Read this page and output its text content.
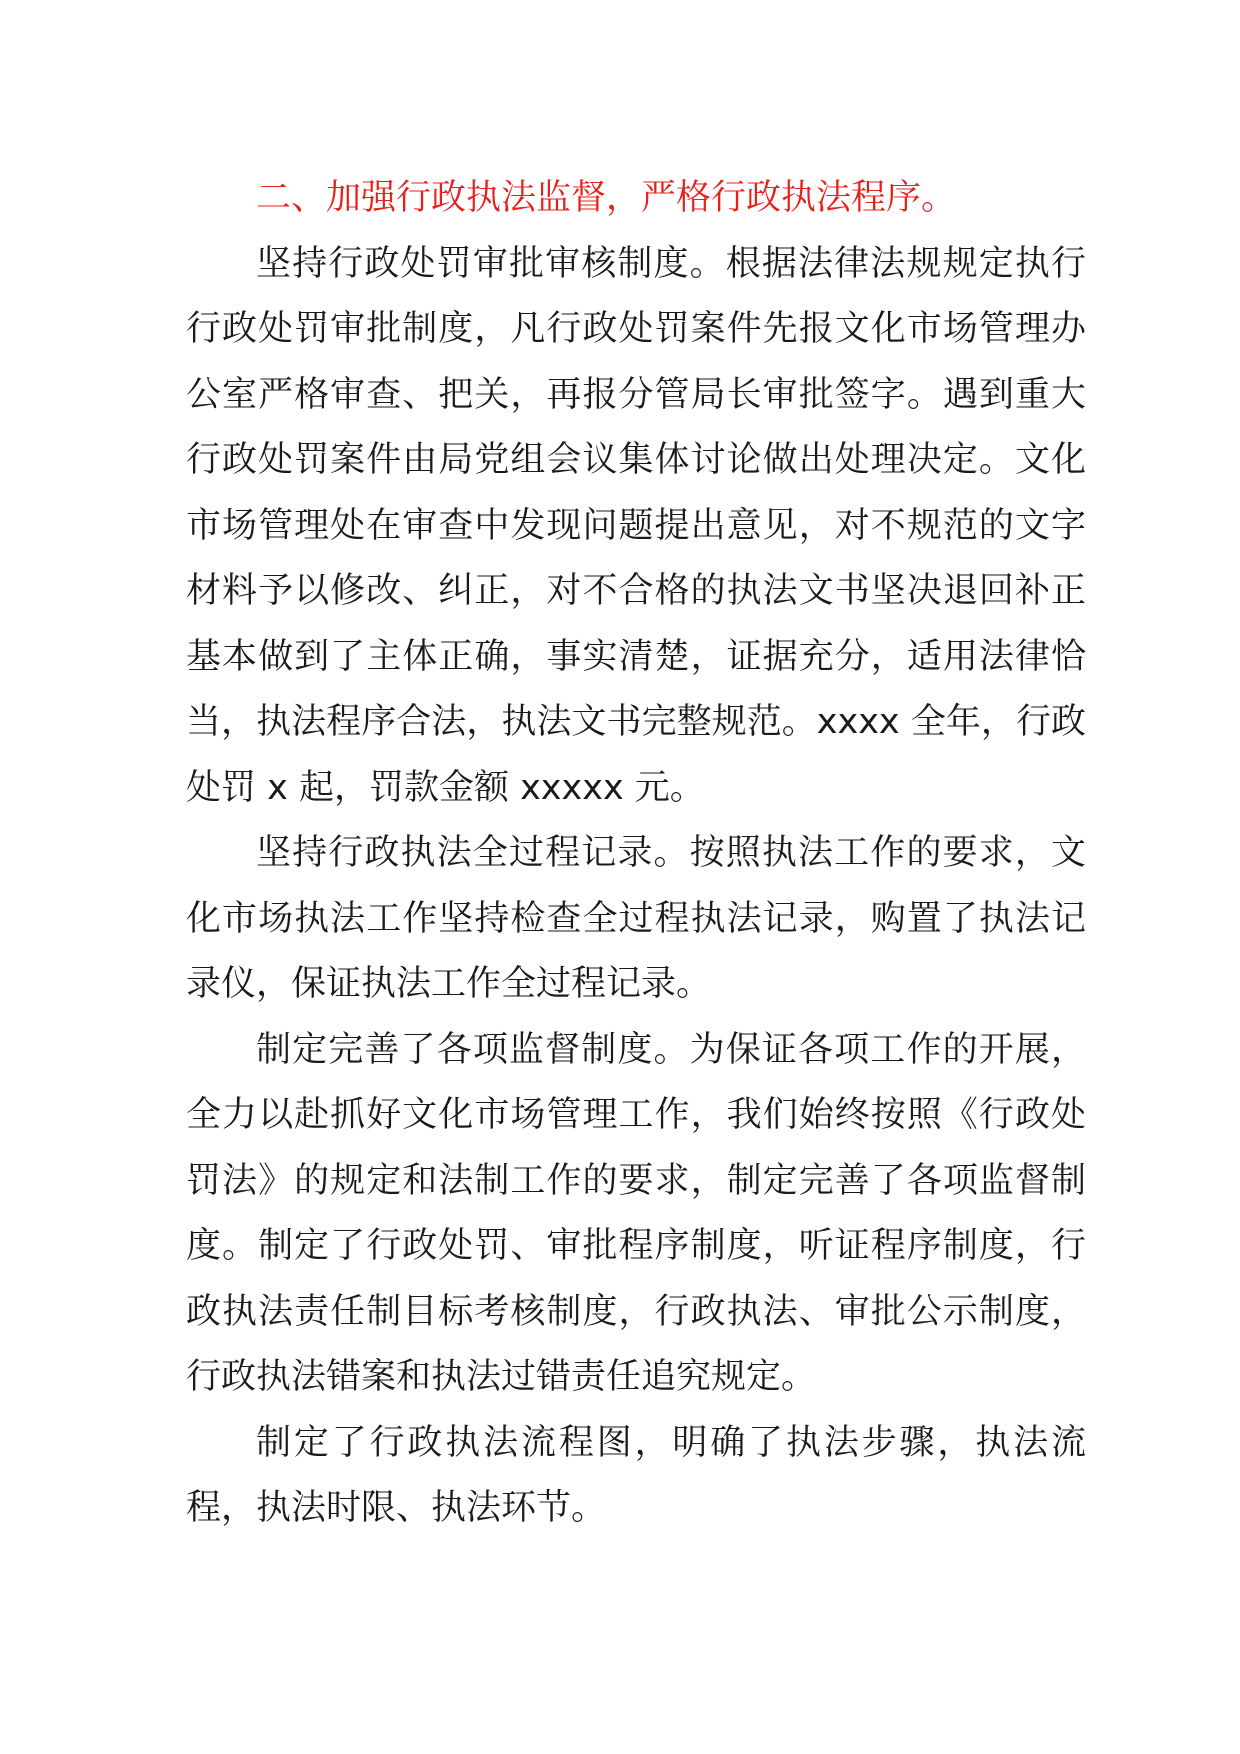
二、加强行政执法监督，严格行政执法程序。

坚持行政处罚审批审核制度。根据法律法规规定执行行政处罚审批制度，凡行政处罚案件先报文化市场管理办公室严格审查、把关，再报分管局长审批签字。遇到重大行政处罚案件由局党组会议集体讨论做出处理决定。文化市场管理处在审查中发现问题提出意见，对不规范的文字材料予以修改、纠正，对不合格的执法文书坚决退回补正基本做到了主体正确，事实清楚，证据充分，适用法律恰当，执法程序合法，执法文书完整规范。xxxx 全年，行政处罚 x 起，罚款金额 xxxxx 元。

坚持行政执法全过程记录。按照执法工作的要求，文化市场执法工作坚持检查全过程执法记录，购置了执法记录仪，保证执法工作全过程记录。

制定完善了各项监督制度。为保证各项工作的开展，全力以赴抓好文化市场管理工作，我们始终按照《行政处罚法》的规定和法制工作的要求，制定完善了各项监督制度。制定了行政处罚、审批程序制度，听证程序制度，行政执法责任制目标考核制度，行政执法、审批公示制度，行政执法错案和执法过错责任追究规定。

制定了行政执法流程图，明确了执法步骤，执法流程，执法时限、执法环节。
